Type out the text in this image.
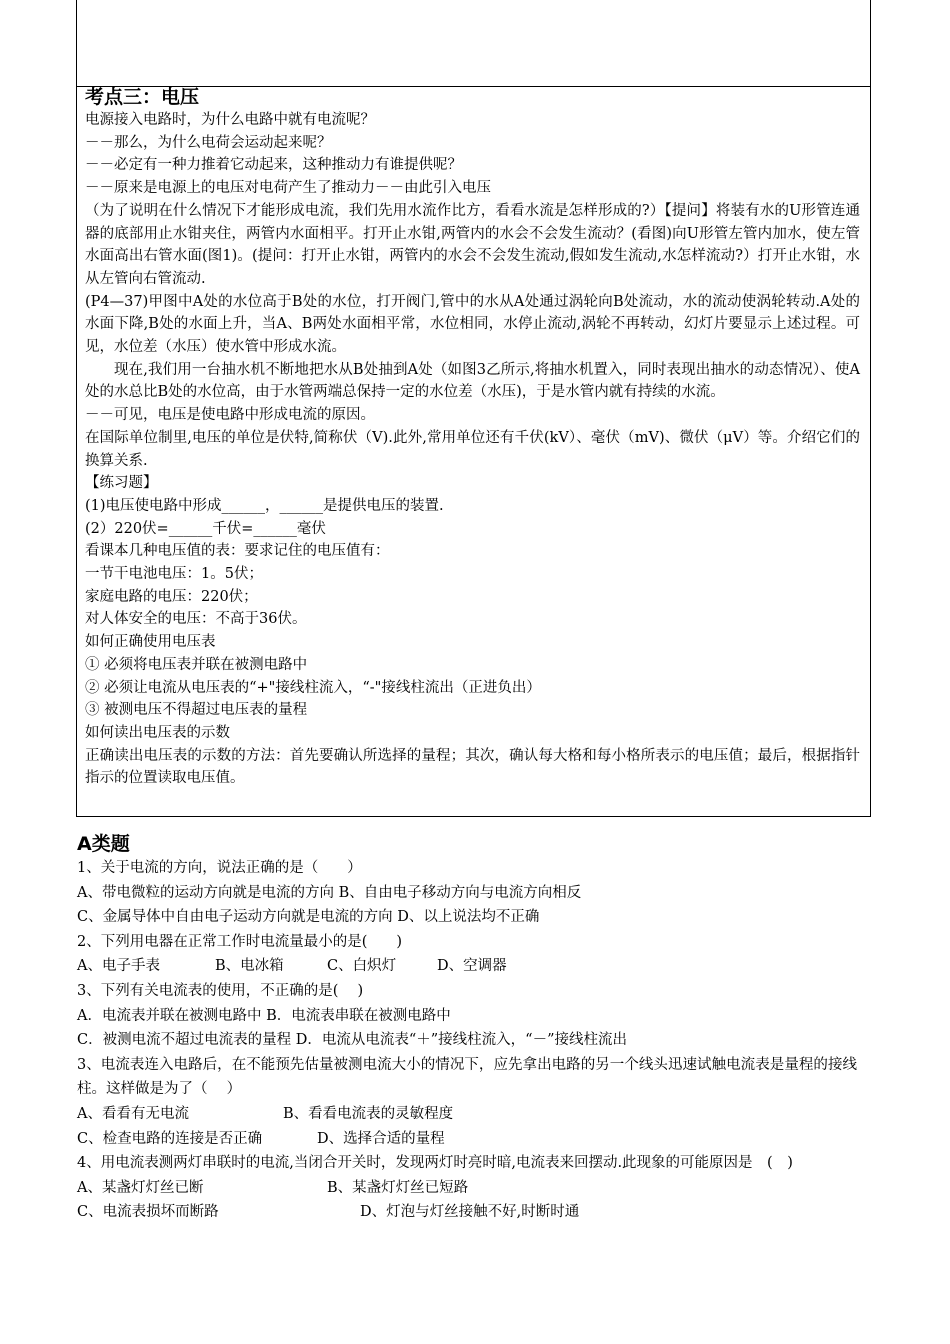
考点三：电压

电源接入电路时，为什么电路中就有电流呢？

－－那么，为什么电荷会运动起来呢？

－－必定有一种力推着它动起来，这种推动力有谁提供呢？

－－原来是电源上的电压对电荷产生了推动力－－由此引入电压

（为了说明在什么情况下才能形成电流，我们先用水流作比方，看看水流是怎样形成的?）【提问】将装有水的U形管连通器的底部用止水钳夹住，两管内水面相平。打开止水钳,两管内的水会不会发生流动？(看图)向U形管左管内加水，使左管水面高出右管水面(图1)。(提问：打开止水钳，两管内的水会不会发生流动,假如发生流动,水怎样流动?）打开止水钳，水从左管向右管流动.

(P4—37)甲图中A处的水位高于B处的水位，打开阀门,管中的水从A处通过涡轮向B处流动，水的流动使涡轮转动.A处的水面下降,B处的水面上升，当A、B两处水面相平常，水位相同，水停止流动,涡轮不再转动，幻灯片要显示上述过程。可见，水位差（水压）使水管中形成水流。

现在,我们用一台抽水机不断地把水从B处抽到A处（如图3乙所示,将抽水机置入，同时表现出抽水的动态情况）、使A处的水总比B处的水位高，由于水管两端总保持一定的水位差（水压)，于是水管内就有持续的水流。

－－可见，电压是使电路中形成电流的原因。

在国际单位制里,电压的单位是伏特,简称伏（V).此外,常用单位还有千伏(kV）、毫伏（mV)、微伏（μV）等。介绍它们的换算关系.

【练习题】

(1)电压使电路中形成______，______是提供电压的装置.

(2）220伏=______千伏=______毫伏

看课本几种电压值的表：要求记住的电压值有：

一节干电池电压：1。5伏；

家庭电路的电压：220伏；

对人体安全的电压：不高于36伏。

如何正确使用电压表

① 必须将电压表并联在被测电路中

② 必须让电流从电压表的“+"接线柱流入，“-"接线柱流出（正进负出）

③ 被测电压不得超过电压表的量程

如何读出电压表的示数

正确读出电压表的示数的方法：首先要确认所选择的量程；其次，确认每大格和每小格所表示的电压值；最后，根据指针指示的位置读取电压值。

A类题

1、关于电流的方向，说法正确的是（　　）

A、带电微粒的运动方向就是电流的方向 B、自由电子移动方向与电流方向相反

C、金属导体中自由电子运动方向就是电流的方向 D、以上说法均不正确

2、下列用电器在正常工作时电流量最小的是(　　)

A、电子手表	B、电冰箱	C、白炽灯	D、空调器

3、下列有关电流表的使用，不正确的是(　 )

A．电流表并联在被测电路中 B．电流表串联在被测电路中

C．被测电流不超过电流表的量程 D．电流从电流表“＋”接线柱流入，“－”接线柱流出

3、电流表连入电路后，在不能预先估量被测电流大小的情况下，应先拿出电路的另一个线头迅速试触电流表是量程的接线柱。这样做是为了（　 ）

A、看看有无电流	B、看看电流表的灵敏程度

C、检查电路的连接是否正确	D、选择合适的量程

4、用电流表测两灯串联时的电流,当闭合开关时，发现两灯时亮时暗,电流表来回摆动.此现象的可能原因是　(　)

A、某盏灯灯丝已断	B、某盏灯灯丝已短路

C、电流表损坏而断路	D、灯泡与灯丝接触不好,时断时通
